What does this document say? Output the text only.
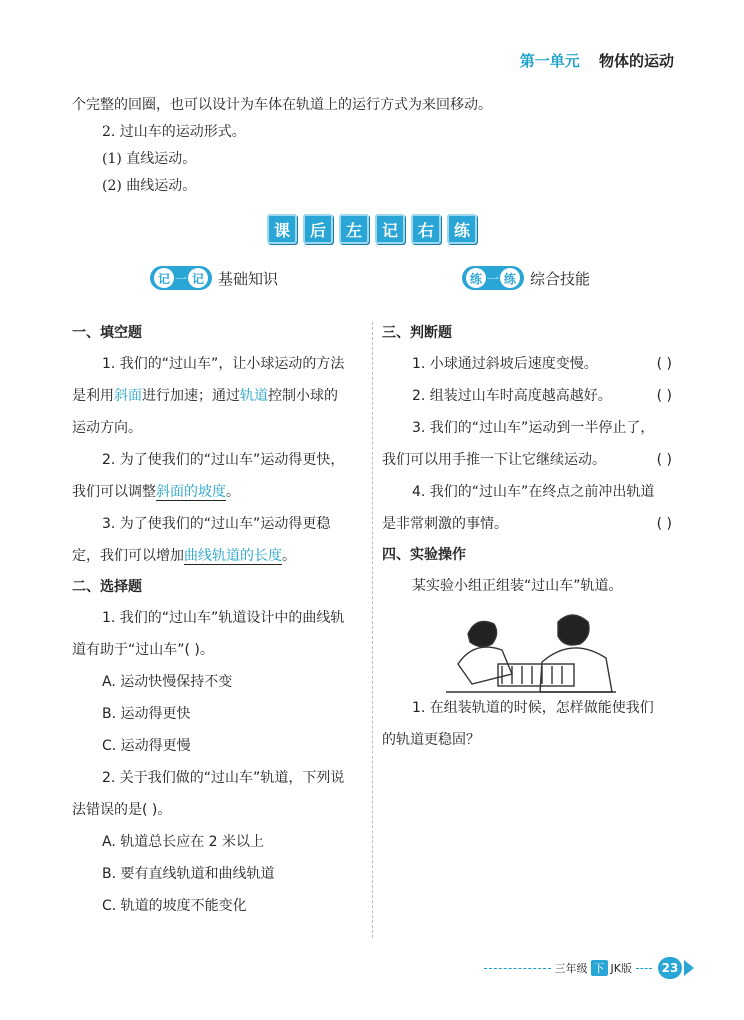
第一单元 物体的运动

个完整的回圈，也可以设计为车体在轨道上的运行方式为来回移动。

2. 过山车的运动形式。

(1) 直线运动。

(2) 曲线运动。

课	后	左	记	右	练
记 一 记 基础知识	练 一 练 综合技能

一、填空题

1. 我们的“过山车”，让小球运动的方法

是利用斜面进行加速；通过轨道控制小球的

运动方向。

2. 为了使我们的“过山车”运动得更快，

我们可以调整斜面的坡度。

3. 为了使我们的“过山车”运动得更稳

定，我们可以增加曲线轨道的长度。

二、选择题

1. 我们的“过山车”轨道设计中的曲线轨

道有助于“过山车”( )。

A. 运动快慢保持不变

B. 运动得更快

C. 运动得更慢

2. 关于我们做的“过山车”轨道，下列说

法错误的是( )。

A. 轨道总长应在 2 米以上

B. 要有直线轨道和曲线轨道

C. 轨道的坡度不能变化

三、判断题

1. 小球通过斜坡后速度变慢。	( )

2. 组装过山车时高度越高越好。	( )

3. 我们的“过山车”运动到一半停止了，

我们可以用手推一下让它继续运动。	( )

4. 我们的“过山车”在终点之前冲出轨道

是非常刺激的事情。	( )

四、实验操作

某实验小组正组装“过山车”轨道。

1. 在组装轨道的时候，怎样做能使我们

的轨道更稳固？

三年级 下 JK版	23
